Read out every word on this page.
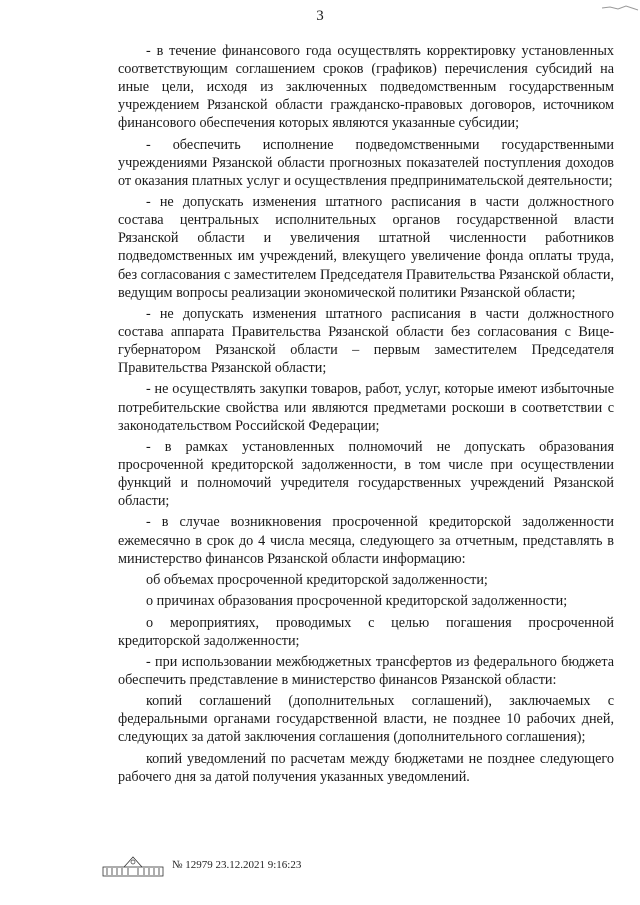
3

- в течение финансового года осуществлять корректировку установленных соответствующим соглашением сроков (графиков) перечисления субсидий на иные цели, исходя из заключенных подведомственным государственным учреждением Рязанской области гражданско-правовых договоров, источником финансового обеспечения которых являются указанные субсидии;

- обеспечить исполнение подведомственными государственными учреждениями Рязанской области прогнозных показателей поступления доходов от оказания платных услуг и осуществления предпринимательской деятельности;

- не допускать изменения штатного расписания в части должностного состава центральных исполнительных органов государственной власти Рязанской области и увеличения штатной численности работников подведомственных им учреждений, влекущего увеличение фонда оплаты труда, без согласования с заместителем Председателя Правительства Рязанской области, ведущим вопросы реализации экономической политики Рязанской области;

- не допускать изменения штатного расписания в части должностного состава аппарата Правительства Рязанской области без согласования с Вице-губернатором Рязанской области – первым заместителем Председателя Правительства Рязанской области;

- не осуществлять закупки товаров, работ, услуг, которые имеют избыточные потребительские свойства или являются предметами роскоши в соответствии с законодательством Российской Федерации;

- в рамках установленных полномочий не допускать образования просроченной кредиторской задолженности, в том числе при осуществлении функций и полномочий учредителя государственных учреждений Рязанской области;

- в случае возникновения просроченной кредиторской задолженности ежемесячно в срок до 4 числа месяца, следующего за отчетным, представлять в министерство финансов Рязанской области информацию:

об объемах просроченной кредиторской задолженности;

о причинах образования просроченной кредиторской задолженности;

о мероприятиях, проводимых с целью погашения просроченной кредиторской задолженности;

- при использовании межбюджетных трансфертов из федерального бюджета обеспечить представление в министерство финансов Рязанской области:

копий соглашений (дополнительных соглашений), заключаемых с федеральными органами государственной власти, не позднее 10 рабочих дней, следующих за датой заключения соглашения (дополнительного соглашения);

копий уведомлений по расчетам между бюджетами не позднее следующего рабочего дня за датой получения указанных уведомлений.

№ 12979 23.12.2021 9:16:23
